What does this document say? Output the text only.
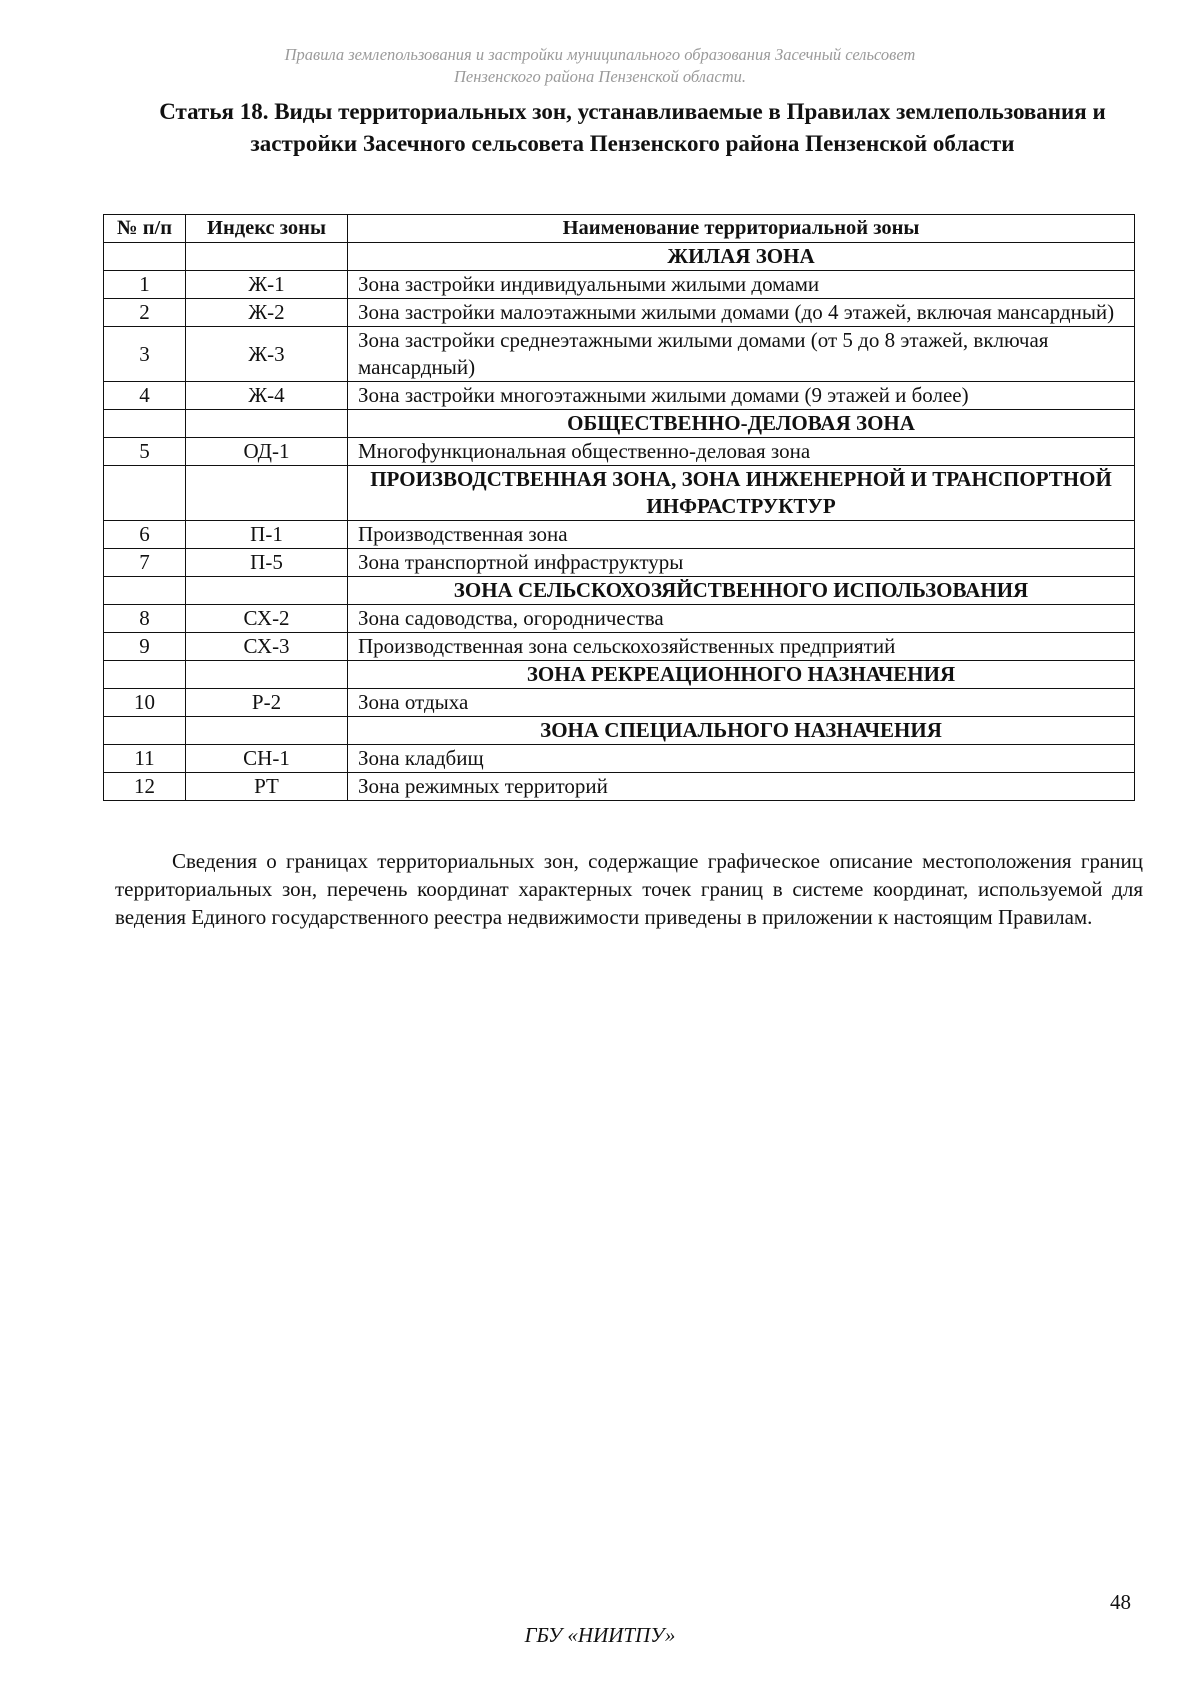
Правила землепользования и застройки муниципального образования Засечный сельсовет
Пензенского района Пензенской области.
Статья 18. Виды территориальных зон, устанавливаемые в Правилах землепользования и застройки Засечного сельсовета Пензенского района Пензенской области
№ п/п	Индекс зоны	Наименование территориальной зоны
		ЖИЛАЯ ЗОНА
1	Ж-1	Зона застройки индивидуальными жилыми домами
2	Ж-2	Зона застройки малоэтажными жилыми домами (до 4 этажей, включая мансардный)
3	Ж-3	Зона застройки среднеэтажными жилыми домами (от 5 до 8 этажей, включая мансардный)
4	Ж-4	Зона застройки многоэтажными жилыми домами (9 этажей и более)
		ОБЩЕСТВЕННО-ДЕЛОВАЯ ЗОНА
5	ОД-1	Многофункциональная общественно-деловая зона
		ПРОИЗВОДСТВЕННАЯ ЗОНА, ЗОНА ИНЖЕНЕРНОЙ И ТРАНСПОРТНОЙ ИНФРАСТРУКТУР
6	П-1	Производственная зона
7	П-5	Зона транспортной инфраструктуры
		ЗОНА СЕЛЬСКОХОЗЯЙСТВЕННОГО ИСПОЛЬЗОВАНИЯ
8	СХ-2	Зона садоводства, огородничества
9	СХ-3	Производственная зона сельскохозяйственных предприятий
		ЗОНА РЕКРЕАЦИОННОГО НАЗНАЧЕНИЯ
10	Р-2	Зона отдыха
		ЗОНА СПЕЦИАЛЬНОГО НАЗНАЧЕНИЯ
11	СН-1	Зона кладбищ
12	РТ	Зона режимных территорий

Сведения о границах территориальных зон, содержащие графическое описание местоположения границ территориальных зон, перечень координат характерных точек границ в системе координат, используемой для ведения Единого государственного реестра недвижимости приведены в приложении к настоящим Правилам.

48
ГБУ «НИИТПУ»
